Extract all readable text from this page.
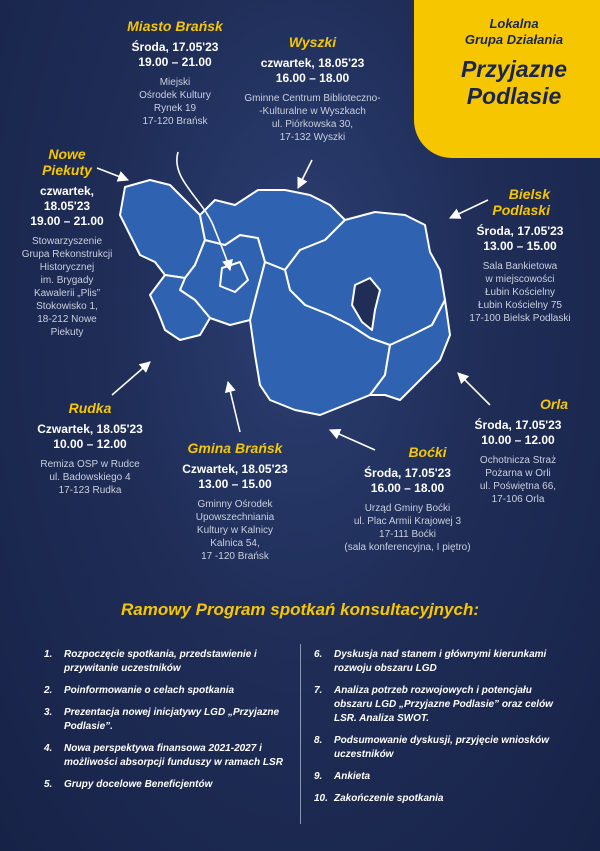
Lokalna
Grupa Działania
Przyjazne
Podlasie
Miasto Brańsk
Środa, 17.05'23
19.00 – 21.00
Miejski
Ośrodek Kultury
Rynek 19
17-120 Brańsk
Wyszki
czwartek, 18.05'23
16.00 – 18.00
Gminne Centrum Biblioteczno-
-Kulturalne w Wyszkach
ul. Piórkowska 30,
17-132 Wyszki
Nowe
Piekuty
czwartek,
18.05'23
19.00 – 21.00
Stowarzyszenie
Grupa Rekonstrukcji
Historycznej
im. Brygady
Kawalerii „Plis”
Stokowisko 1,
18-212 Nowe
Piekuty
Bielsk
Podlaski
Środa, 17.05'23
13.00 – 15.00
Sala Bankietowa
w miejscowości
Łubin Kościelny
Łubin Kościelny 75
17-100 Bielsk Podlaski
Rudka
Czwartek, 18.05'23
10.00 – 12.00
Remiza OSP w Rudce
ul. Badowskiego 4
17-123 Rudka
Orla
Środa, 17.05'23
10.00 – 12.00
Ochotnicza Straż
Pożarna w Orli
ul. Poświętna 66,
17-106 Orla
Gmina Brańsk
Czwartek, 18.05'23
13.00 – 15.00
Gminny Ośrodek
Upowszechniania
Kultury w Kalnicy
Kalnica 54,
17 -120 Brańsk
Boćki
Środa, 17.05'23
16.00 – 18.00
Urząd Gminy Boćki
ul. Plac Armii Krajowej 3
17-111 Boćki
(sala konferencyjna, I piętro)
Ramowy Program spotkań konsultacyjnych:
1.	Rozpoczęcie spotkania, przedstawienie i przywitanie uczestników
2.	Poinformowanie o celach spotkania
3.	Prezentacja nowej inicjatywy LGD „Przyjazne Podlasie”.
4.	Nowa perspektywa finansowa 2021-2027 i możliwości absorpcji funduszy w ramach LSR
5.	Grupy docelowe Beneficjentów
6.	Dyskusja nad stanem i głównymi kierunkami rozwoju obszaru LGD
7.	Analiza potrzeb rozwojowych i potencjału obszaru LGD „Przyjazne Podlasie” oraz celów LSR. Analiza SWOT.
8.	Podsumowanie dyskusji, przyjęcie wniosków uczestników
9.	Ankieta
10. Zakończenie spotkania
